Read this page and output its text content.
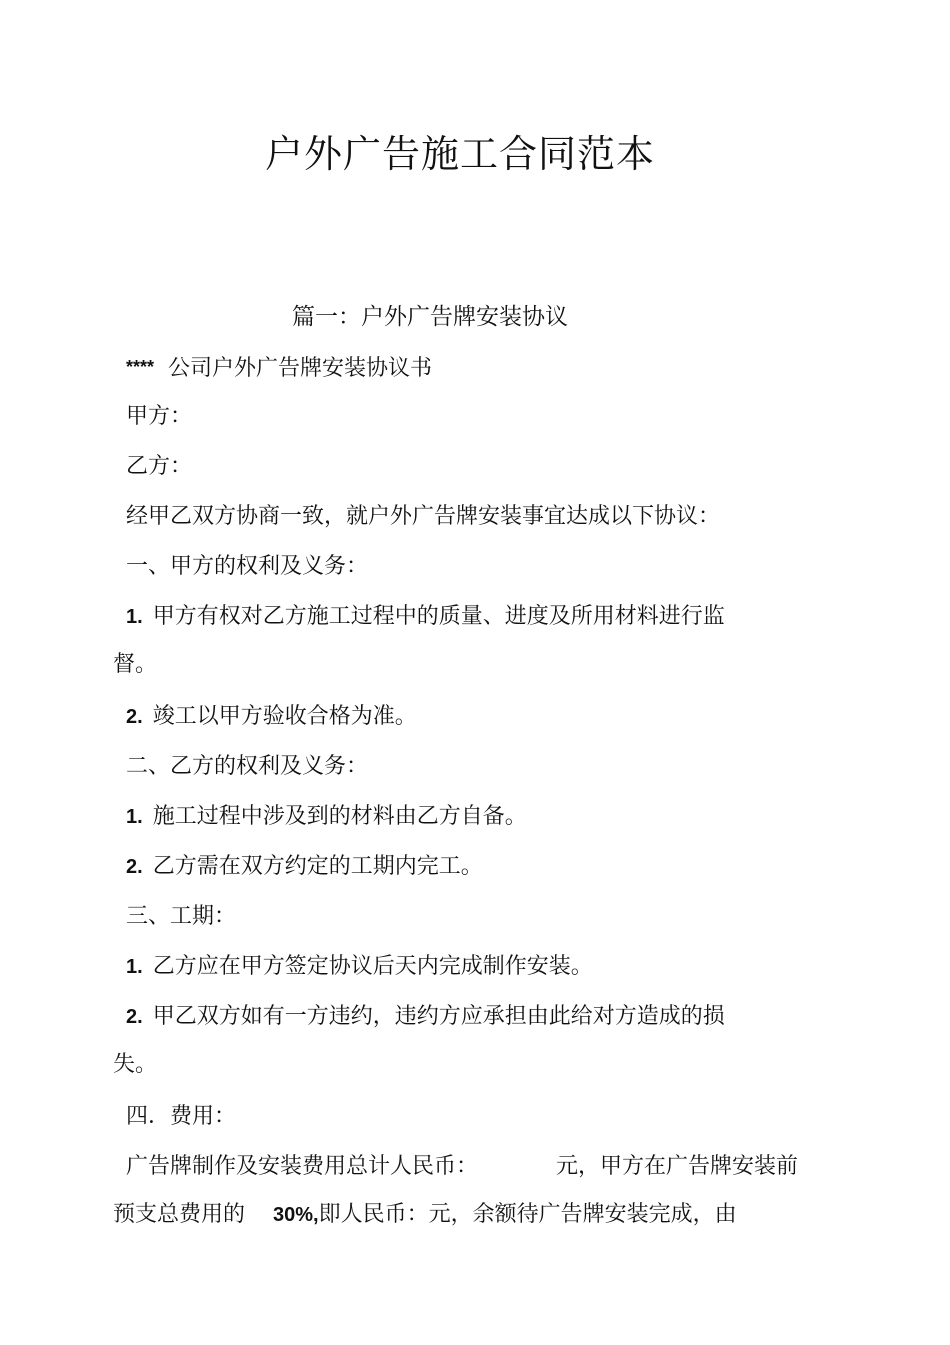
户外广告施工合同范本
篇一：户外广告牌安装协议
**** 公司户外广告牌安装协议书
甲方：
乙方：
经甲乙双方协商一致，就户外广告牌安装事宜达成以下协议：
一、甲方的权利及义务：
1. 甲方有权对乙方施工过程中的质量、进度及所用材料进行监
督。
2. 竣工以甲方验收合格为准。
二、乙方的权利及义务：
1. 施工过程中涉及到的材料由乙方自备。
2. 乙方需在双方约定的工期内完工。
三、工期：
1. 乙方应在甲方签定协议后天内完成制作安装。
2. 甲乙双方如有一方违约，违约方应承担由此给对方造成的损
失。
四．费用：
广告牌制作及安装费用总计人民币：	元，甲方在广告牌安装前
预支总费用的 30%,即人民币：元，余额待广告牌安装完成，由
